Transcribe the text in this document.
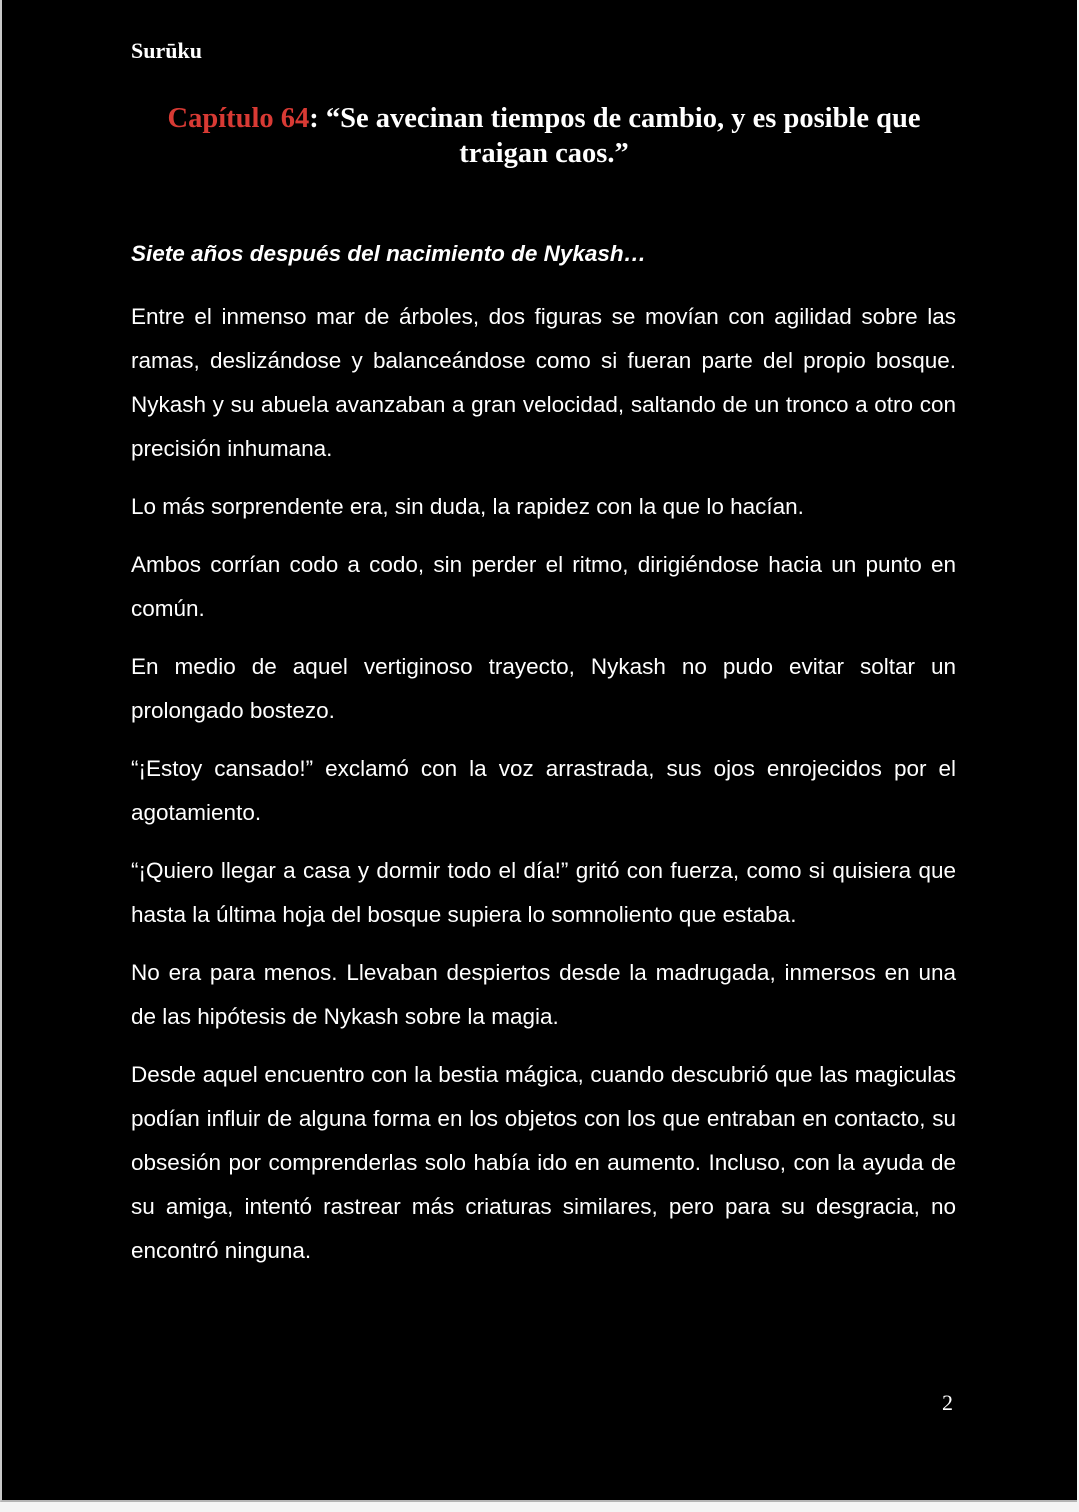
Surūku
Capítulo 64: “Se avecinan tiempos de cambio, y es posible que traigan caos.”
Siete años después del nacimiento de Nykash…

Entre el inmenso mar de árboles, dos figuras se movían con agilidad sobre las ramas, deslizándose y balanceándose como si fueran parte del propio bosque. Nykash y su abuela avanzaban a gran velocidad, saltando de un tronco a otro con precisión inhumana.

Lo más sorprendente era, sin duda, la rapidez con la que lo hacían.

Ambos corrían codo a codo, sin perder el ritmo, dirigiéndose hacia un punto en común.

En medio de aquel vertiginoso trayecto, Nykash no pudo evitar soltar un prolongado bostezo.

“¡Estoy cansado!” exclamó con la voz arrastrada, sus ojos enrojecidos por el agotamiento.

“¡Quiero llegar a casa y dormir todo el día!” gritó con fuerza, como si quisiera que hasta la última hoja del bosque supiera lo somnoliento que estaba.

No era para menos. Llevaban despiertos desde la madrugada, inmersos en una de las hipótesis de Nykash sobre la magia.

Desde aquel encuentro con la bestia mágica, cuando descubrió que las magiculas podían influir de alguna forma en los objetos con los que entraban en contacto, su obsesión por comprenderlas solo había ido en aumento. Incluso, con la ayuda de su amiga, intentó rastrear más criaturas similares, pero para su desgracia, no encontró ninguna.

2
